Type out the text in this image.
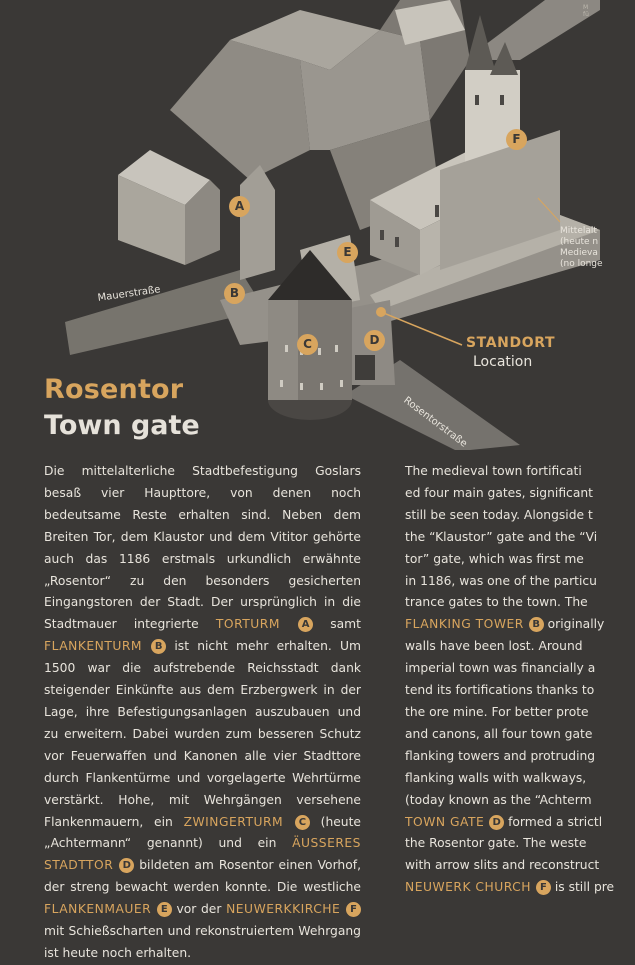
A
B
C	D
E
F
Mauerstraße
Rosentorstraße
STANDORT
Location
Mittelalt
(heute n
Medieva
(no longe
M
fü
Rosentor
Town gate
Die mittelalterliche Stadtbefestigung Goslars besaß vier Haupttore, von denen noch bedeutsame Reste erhalten sind. Neben dem Breiten Tor, dem Klaustor und dem Vititor gehörte auch das 1186 erstmals urkundlich erwähnte „Rosentor“ zu den besonders gesicherten Eingangstoren der Stadt. Der ursprünglich in die Stadtmauer integrierte TORTURM A samt FLANKENTURM B ist nicht mehr erhalten. Um 1500 war die aufstrebende Reichsstadt dank steigender Einkünfte aus dem Erzbergwerk in der Lage, ihre Befestigungsanlagen auszubauen und zu erweitern. Dabei wurden zum besseren Schutz vor Feuerwaffen und Kanonen alle vier Stadttore durch Flankentürme und vorgelagerte Wehrtürme verstärkt. Hohe, mit Wehrgängen versehene Flankenmauern, ein ZWINGERTURM C (heute „Achtermann“ genannt) und ein ÄUSSERES STADTTOR D bildeten am Rosentor einen Vorhof, der streng bewacht werden konnte. Die westliche FLANKENMAUER E vor der NEUWERKKIRCHE F mit Schießscharten und rekonstruiertem Wehrgang ist heute noch erhalten.
The medieval town fortificati
ed four main gates, significant
still be seen today. Alongside t
the “Klaustor” gate and the “Vi
tor” gate, which was first me
in 1186, was one of the particu
trance gates to the town. The
FLANKING TOWER B originally
walls have been lost. Around
imperial town was financially a
tend its fortifications thanks to
the ore mine. For better prote
and canons, all four town gate
flanking towers and protruding
flanking walls with walkways,
(today known as the “Achterm
TOWN GATE D formed a strictl
the Rosentor gate. The weste
with arrow slits and reconstruct
NEUWERK CHURCH F is still pre
